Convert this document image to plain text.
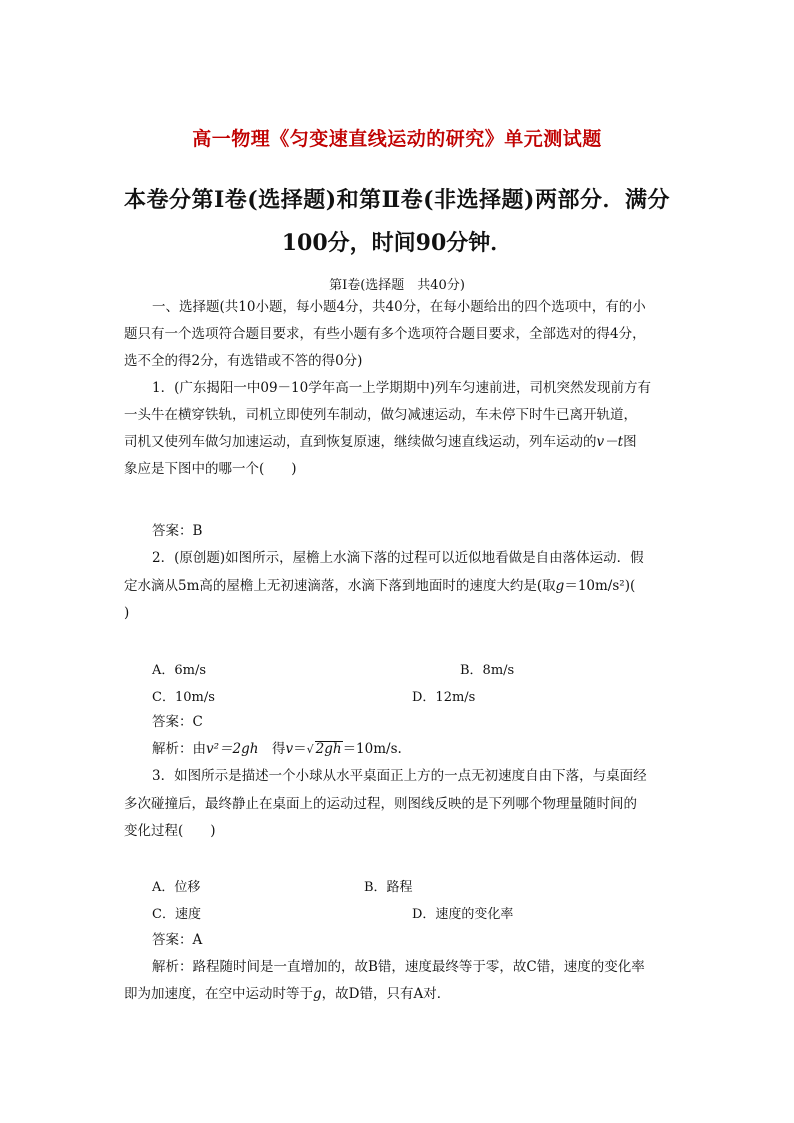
高一物理《匀变速直线运动的研究》单元测试题
本卷分第Ⅰ卷(选择题)和第Ⅱ卷(非选择题)两部分．满分
100分，时间90分钟．
第Ⅰ卷(选择题　共40分)
一、选择题(共10小题，每小题4分，共40分，在每小题给出的四个选项中，有的小
题只有一个选项符合题目要求，有些小题有多个选项符合题目要求，全部选对的得4分，
选不全的得2分，有选错或不答的得0分)
1．(广东揭阳一中09－10学年高一上学期期中)列车匀速前进，司机突然发现前方有
一头牛在横穿铁轨，司机立即使列车制动，做匀减速运动，车未停下时牛已离开轨道，
司机又使列车做匀加速运动，直到恢复原速，继续做匀速直线运动，列车运动的v－t图
象应是下图中的哪一个(　　)
答案：B
2．(原创题)如图所示，屋檐上水滴下落的过程可以近似地看做是自由落体运动．假
定水滴从5m高的屋檐上无初速滴落，水滴下落到地面时的速度大约是(取g＝10m/s²)(
)
A．6m/s	B．8m/s
C．10m/s	D．12m/s
答案：C
解析：由v²＝2gh　得v＝√ 2gh＝10m/s.
3．如图所示是描述一个小球从水平桌面正上方的一点无初速度自由下落，与桌面经
多次碰撞后，最终静止在桌面上的运动过程，则图线反映的是下列哪个物理量随时间的
变化过程(　　)
A．位移	B．路程
C．速度	D．速度的变化率
答案：A
解析：路程随时间是一直增加的，故B错，速度最终等于零，故C错，速度的变化率
即为加速度，在空中运动时等于g，故D错，只有A对．
